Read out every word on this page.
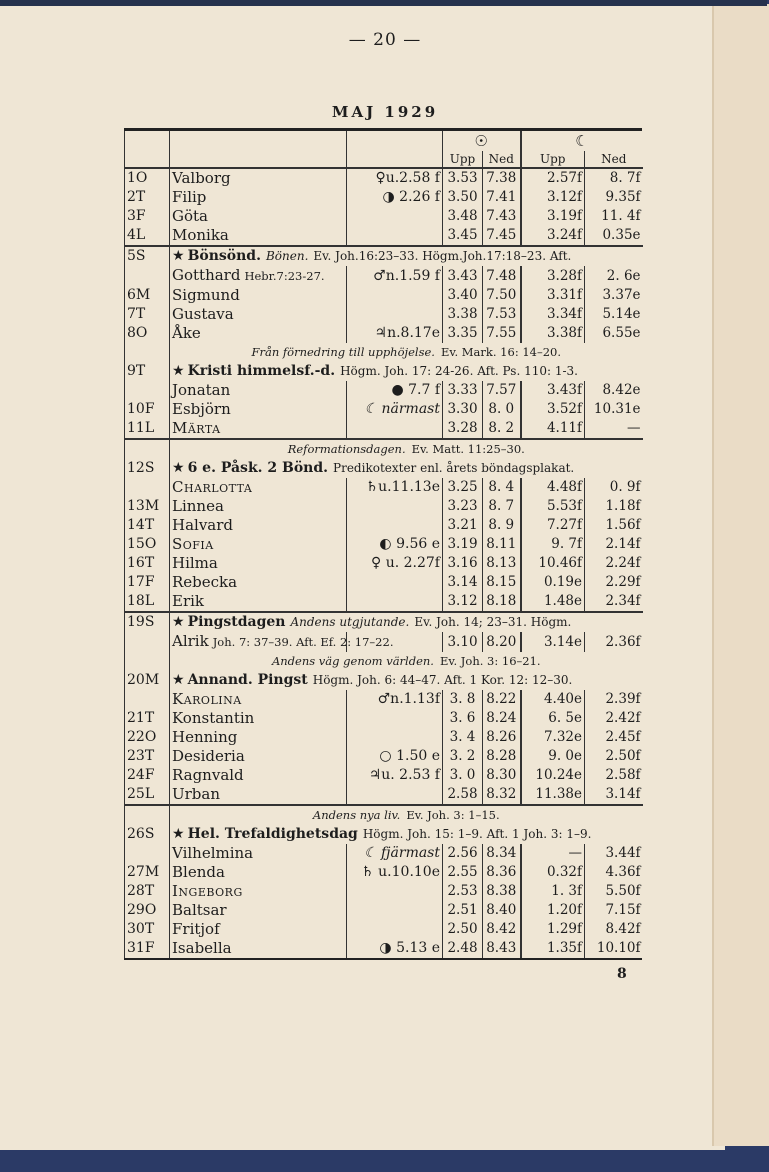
— 20 —
MAJ 1929
			☉		☾	
			Upp	Ned	Upp	Ned
1O	Valborg	♀u.2.58 f	3.53	7.38	2.57f	8. 7f
2T	Filip	◑ 2.26 f	3.50	7.41	3.12f	9.35f
3F	Göta		3.48	7.43	3.19f	11. 4f
4L	Monika		3.45	7.45	3.24f	0.35e
5S	★ Bönsönd. Bönen. Ev. Joh.16:23–33. Högm.Joh.17:18–23. Aft.					
	Gotthard Hebr.7:23-27.	♂n.1.59 f	3.43	7.48	3.28f	2. 6e
6M	Sigmund		3.40	7.50	3.31f	3.37e
7T	Gustava		3.38	7.53	3.34f	5.14e
8O	Åke	♃n.8.17e	3.35	7.55	3.38f	6.55e
	Från förnedring till upphöjelse. Ev. Mark. 16: 14–20.					
9T	★ Kristi himmelsf.-d. Högm. Joh. 17: 24-26. Aft. Ps. 110: 1-3.					
	Jonatan	● 7.7 f	3.33	7.57	3.43f	8.42e
10F	Esbjörn	☾ närmast	3.30	8. 0	3.52f	10.31e
11L	Märta		3.28	8. 2	4.11f	—
	Reformationsdagen. Ev. Matt. 11:25–30.					
12S	★ 6 e. Påsk. 2 Bönd. Predikotexter enl. årets böndagsplakat.					
	Charlotta	♄u.11.13e	3.25	8. 4	4.48f	0. 9f
13M	Linnea		3.23	8. 7	5.53f	1.18f
14T	Halvard		3.21	8. 9	7.27f	1.56f
15O	Sofia	◐ 9.56 e	3.19	8.11	9. 7f	2.14f
16T	Hilma	♀ u. 2.27f	3.16	8.13	10.46f	2.24f
17F	Rebecka		3.14	8.15	0.19e	2.29f
18L	Erik		3.12	8.18	1.48e	2.34f
19S	★ Pingstdagen Andens utgjutande. Ev. Joh. 14; 23–31. Högm.					
	Alrik Joh. 7: 37–39. Aft. Ef. 2: 17–22.		3.10	8.20	3.14e	2.36f
	Andens väg genom världen. Ev. Joh. 3: 16–21.					
20M	★ Annand. Pingst Högm. Joh. 6: 44–47. Aft. 1 Kor. 12: 12–30.					
	Karolina	♂n.1.13f	3. 8	8.22	4.40e	2.39f
21T	Konstantin		3. 6	8.24	6. 5e	2.42f
22O	Henning		3. 4	8.26	7.32e	2.45f
23T	Desideria	○ 1.50 e	3. 2	8.28	9. 0e	2.50f
24F	Ragnvald	♃u. 2.53 f	3. 0	8.30	10.24e	2.58f
25L	Urban		2.58	8.32	11.38e	3.14f
	Andens nya liv. Ev. Joh. 3: 1–15.					
26S	★ Hel. Trefaldighetsdag Högm. Joh. 15: 1–9. Aft. 1 Joh. 3: 1–9.					
	Vilhelmina	☾ fjärmast	2.56	8.34	—	3.44f
27M	Blenda	♄ u.10.10e	2.55	8.36	0.32f	4.36f
28T	Ingeborg		2.53	8.38	1. 3f	5.50f
29O	Baltsar		2.51	8.40	1.20f	7.15f
30T	Fritjof		2.50	8.42	1.29f	8.42f
31F	Isabella	◑ 5.13 e	2.48	8.43	1.35f	10.10f
8
